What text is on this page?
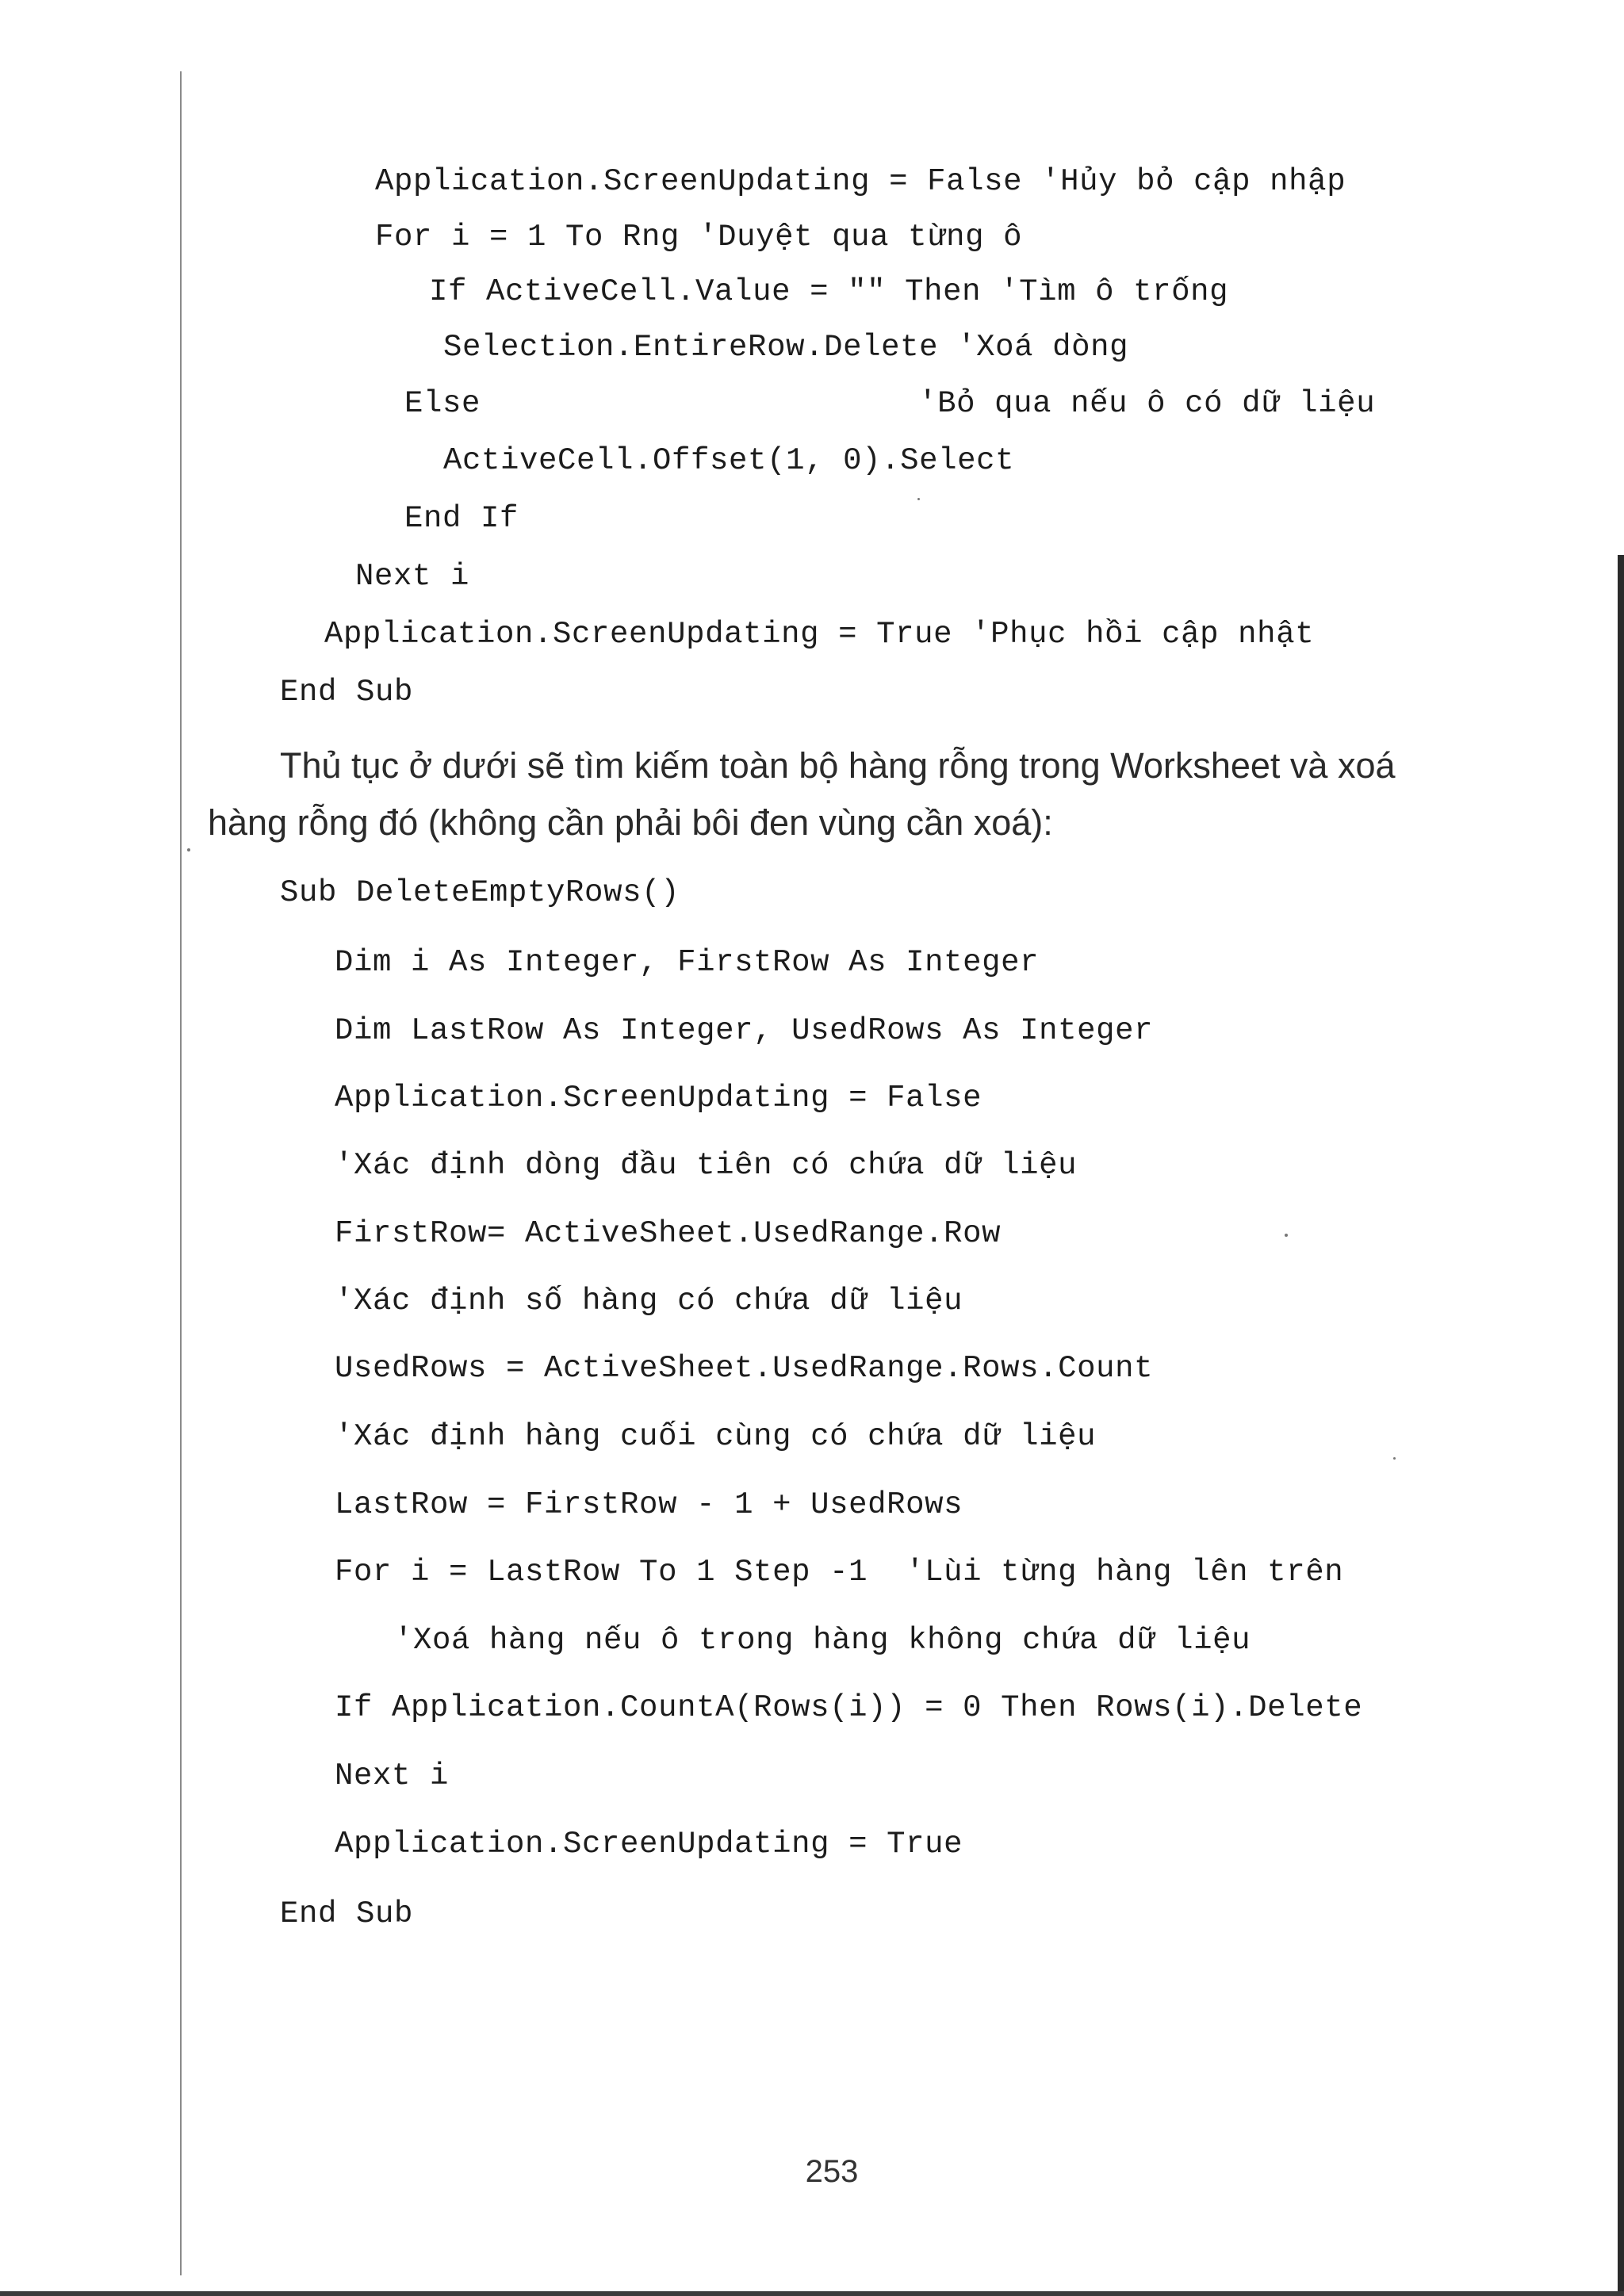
Application.ScreenUpdating = False 'Hủy bỏ cập nhập
For i = 1 To Rng 'Duyệt qua từng ô
If ActiveCell.Value = "" Then 'Tìm ô trống
Selection.EntireRow.Delete 'Xoá dòng
Else                       'Bỏ qua nếu ô có dữ liệu
ActiveCell.Offset(1, 0).Select
End If
Next i
Application.ScreenUpdating = True 'Phục hồi cập nhật
End Sub
Thủ tục ở dưới sẽ tìm kiếm toàn bộ hàng rỗng trong Worksheet và xoá
hàng rỗng đó (không cần phải bôi đen vùng cần xoá):
Sub DeleteEmptyRows()
Dim i As Integer, FirstRow As Integer
Dim LastRow As Integer, UsedRows As Integer
Application.ScreenUpdating = False
'Xác định dòng đầu tiên có chứa dữ liệu
FirstRow= ActiveSheet.UsedRange.Row
'Xác định số hàng có chứa dữ liệu
UsedRows = ActiveSheet.UsedRange.Rows.Count
'Xác định hàng cuối cùng có chứa dữ liệu
LastRow = FirstRow - 1 + UsedRows
For i = LastRow To 1 Step -1  'Lùi từng hàng lên trên
'Xoá hàng nếu ô trong hàng không chứa dữ liệu
If Application.CountA(Rows(i)) = 0 Then Rows(i).Delete
Next i
Application.ScreenUpdating = True
End Sub
253
